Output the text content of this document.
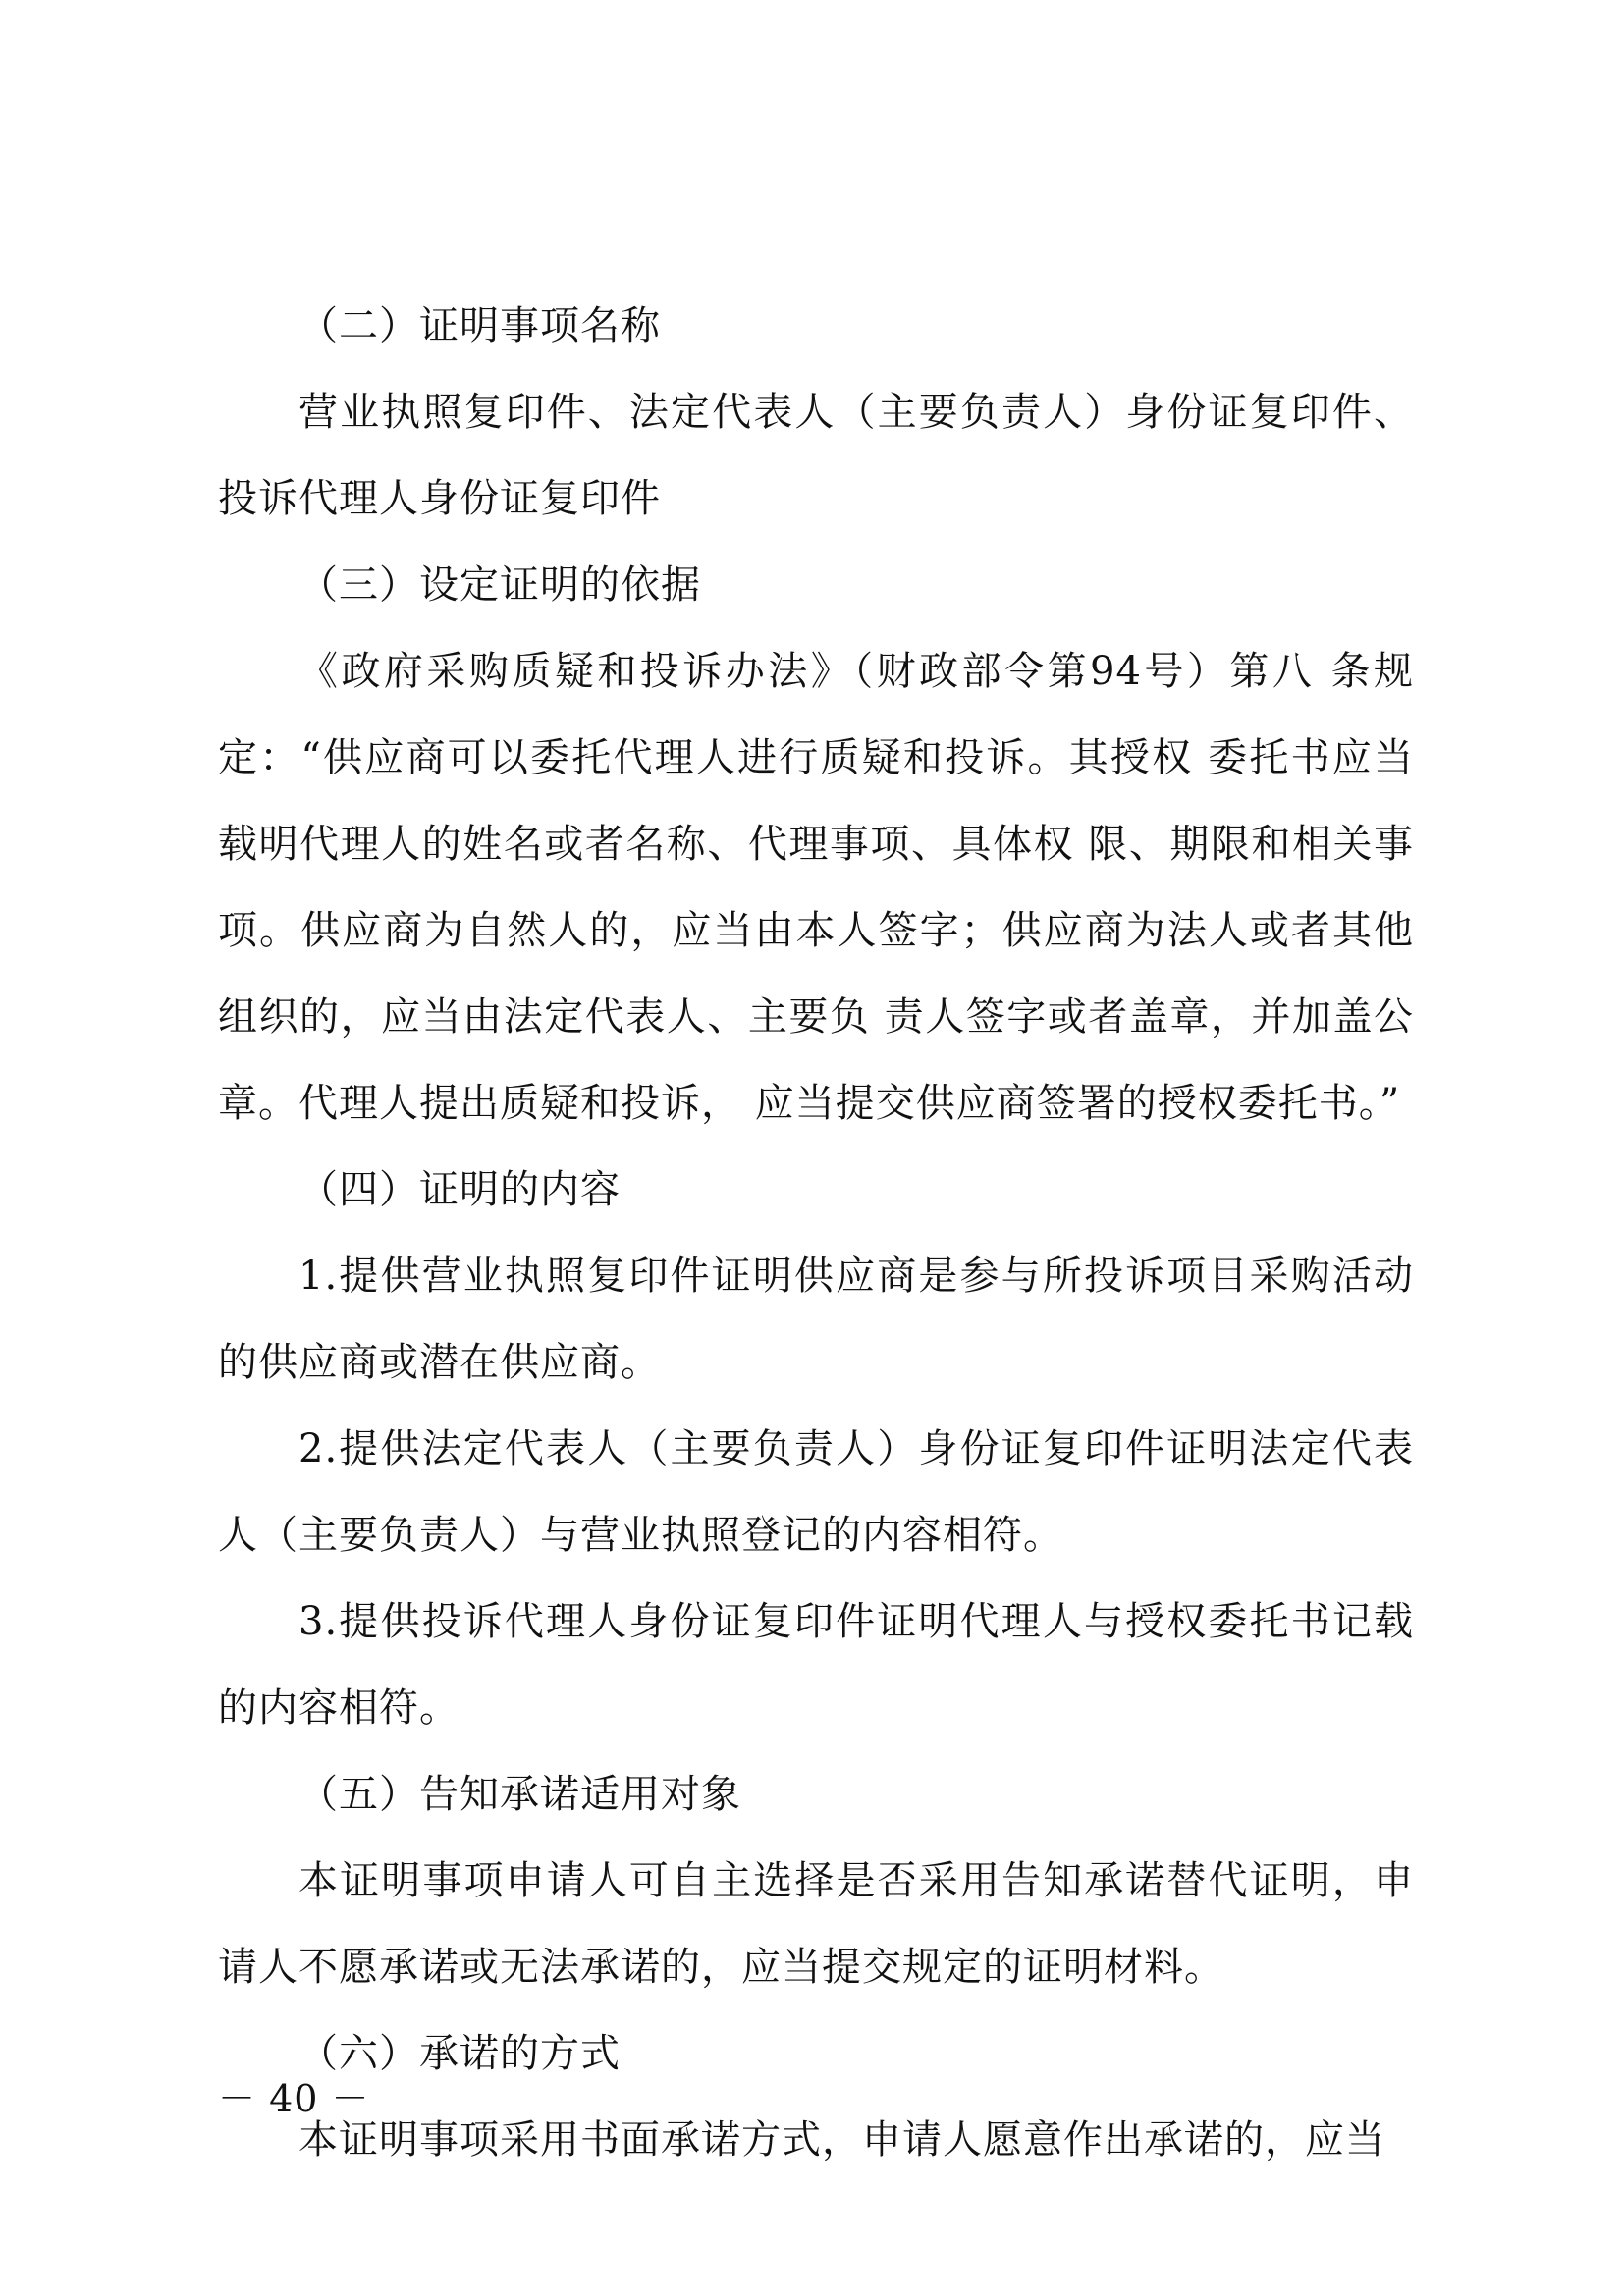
（二）证明事项名称

营业执照复印件、法定代表人（主要负责人）身份证复印件、投诉代理人身份证复印件

（三）设定证明的依据

《政府采购质疑和投诉办法》（财政部令第94号）第八 条规定：“供应商可以委托代理人进行质疑和投诉。其授权 委托书应当载明代理人的姓名或者名称、代理事项、具体权 限、期限和相关事项。供应商为自然人的，应当由本人签字；供应商为法人或者其他组织的，应当由法定代表人、主要负 责人签字或者盖章，并加盖公章。代理人提出质疑和投诉， 应当提交供应商签署的授权委托书。”

（四）证明的内容

1.提供营业执照复印件证明供应商是参与所投诉项目采购活动的供应商或潜在供应商。

2.提供法定代表人（主要负责人）身份证复印件证明法定代表人（主要负责人）与营业执照登记的内容相符。

3.提供投诉代理人身份证复印件证明代理人与授权委托书记载的内容相符。

（五）告知承诺适用对象

本证明事项申请人可自主选择是否采用告知承诺替代证明，申请人不愿承诺或无法承诺的，应当提交规定的证明材料。

（六）承诺的方式

本证明事项采用书面承诺方式，申请人愿意作出承诺的，应当

－ 40 －
